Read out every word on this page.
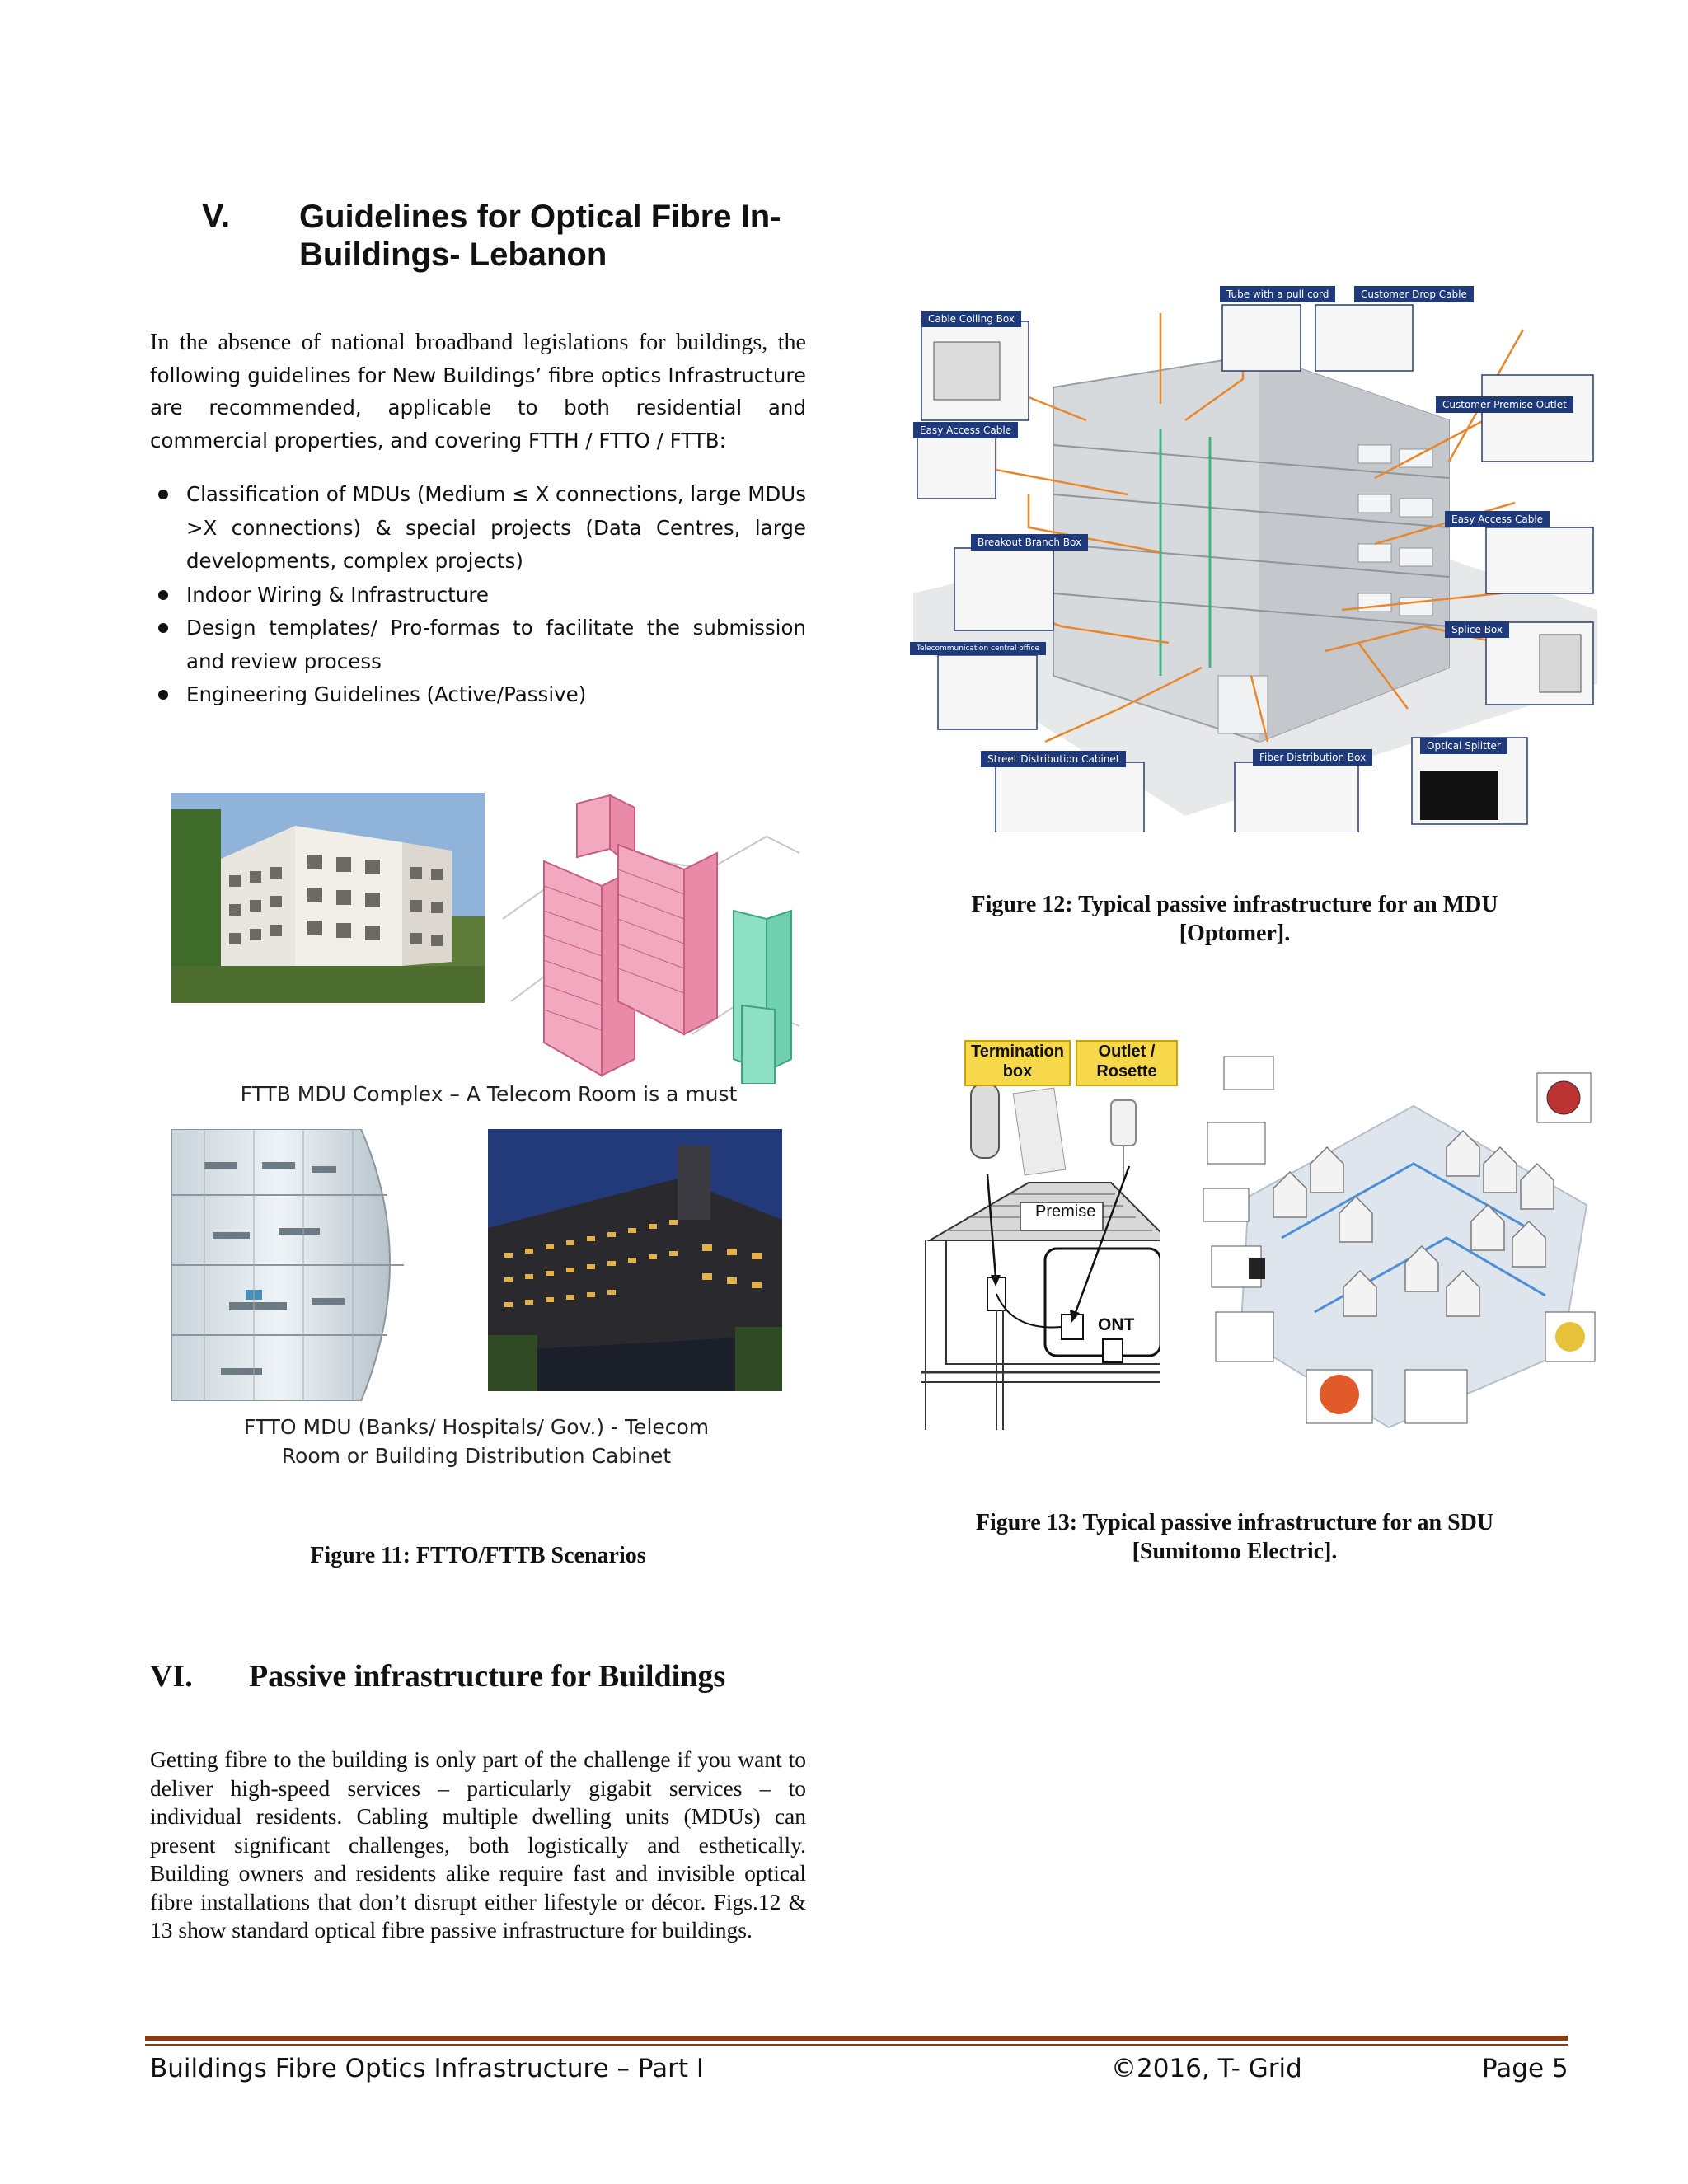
V. Guidelines for Optical Fibre In-Buildings- Lebanon
In the absence of national broadband legislations for buildings, the following guidelines for New Buildings’ fibre optics Infrastructure are recommended, applicable to both residential and commercial properties, and covering FTTH / FTTO / FTTB:
Classification of MDUs (Medium ≤ X connections, large MDUs >X connections) & special projects (Data Centres, large developments, complex projects)
Indoor Wiring & Infrastructure
Design templates/ Pro-formas to facilitate the submission and review process
Engineering Guidelines (Active/Passive)
FTTB MDU Complex – A Telecom Room is a must
FTTO MDU (Banks/ Hospitals/ Gov.) - Telecom
Room or Building Distribution Cabinet
Figure 11: FTTO/FTTB Scenarios
Cable Coiling Box
Tube with a pull cord	Customer Drop Cable
Customer Premise Outlet
Easy Access Cable
Easy Access Cable
Breakout Branch Box
Telecommunication central office
Splice Box
Optical Splitter
Street Distribution Cabinet	Fiber Distribution Box
Figure 12: Typical passive infrastructure for an MDU
[Optomer].
Termination box
Outlet / Rosette
Premise
ONT
Figure 13: Typical passive infrastructure for an SDU
[Sumitomo Electric].
VI. Passive infrastructure for Buildings
Getting fibre to the building is only part of the challenge if you want to deliver high-speed services – particularly gigabit services – to individual residents. Cabling multiple dwelling units (MDUs) can present significant challenges, both logistically and esthetically. Building owners and residents alike require fast and invisible optical fibre installations that don’t disrupt either lifestyle or décor. Figs.12 & 13 show standard optical fibre passive infrastructure for buildings.
Buildings Fibre Optics Infrastructure – Part I	©2016, T- Grid	Page 5
